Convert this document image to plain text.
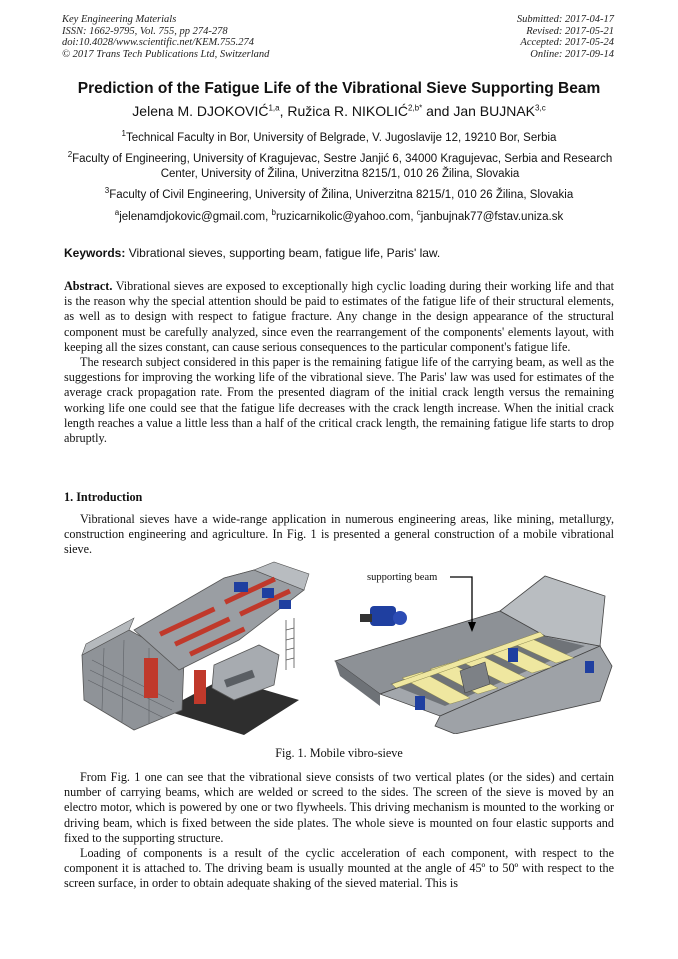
Key Engineering Materials
ISSN: 1662-9795, Vol. 755, pp 274-278
doi:10.4028/www.scientific.net/KEM.755.274
© 2017 Trans Tech Publications Ltd, Switzerland
Submitted: 2017-04-17
Revised: 2017-05-21
Accepted: 2017-05-24
Online: 2017-09-14
Prediction of the Fatigue Life of the Vibrational Sieve Supporting Beam
Jelena M. DJOKOVIĆ$^{1,a}$, Ružica R. $NIKOLIĆ^{2,b*}$ and Jan BUJNAK$^{3,c}$
$^1$Technical Faculty in Bor, University of Belgrade, V. Jugoslavije 12, 19210 Bor, Serbia
$^2$Faculty of Engineering, University of Kragujevac, Sestre Janjić 6, 34000 Kragujevac, Serbia and Research Center, University of Žilina, Univerzitna 8215/1, 010 26 Žilina, Slovakia
$^3$Faculty of Civil Engineering, University of Žilina, Univerzitna 8215/1, 010 26 Žilina, Slovakia
$^a$jelenamdjokovic@gmail.com, $^b$ruzicarnikolic@yahoo.com, $^c$janbujnak77@fstav.uniza.sk
Keywords: Vibrational sieves, supporting beam, fatigue life, Paris' law.

Abstract. Vibrational sieves are exposed to exceptionally high cyclic loading during their working life and that is the reason why the special attention should be paid to estimates of the fatigue life of their structural elements, as well as to design with respect to fatigue fracture. Any change in the design appearance of the structural component must be carefully analyzed, since even the rearrangement of the components' elements layout, with keeping all the sizes constant, can cause serious consequences to the particular component's fatigue life.

The research subject considered in this paper is the remaining fatigue life of the carrying beam, as well as the suggestions for improving the working life of the vibrational sieve. The Paris' law was used for estimates of the average crack propagation rate. From the presented diagram of the initial crack length versus the remaining working life one could see that the fatigue life decreases with the crack length increase. When the initial crack length reaches a value a little less than a half of the critical crack length, the remaining fatigue life starts to drop abruptly.

1. Introduction

Vibrational sieves have a wide-range application in numerous engineering areas, like mining, metallurgy, construction engineering and agriculture. In Fig. 1 is presented a general construction of a mobile vibrational sieve.

supporting beam
Fig. 1. Mobile vibro-sieve

From Fig. 1 one can see that the vibrational sieve consists of two vertical plates (or the sides) and certain number of carrying beams, which are welded or screed to the sides. The screen of the sieve is moved by an electro motor, which is powered by one or two flywheels. This driving mechanism is mounted to the working or driving beam, which is fixed between the side plates. The whole sieve is mounted on four elastic supports and fixed to the supporting structure.

Loading of components is a result of the cyclic acceleration of each component, with respect to the component it is attached to. The driving beam is usually mounted at the angle of 45º to 50º with respect to the screen surface, in order to obtain adequate shaking of the sieved material. This is
